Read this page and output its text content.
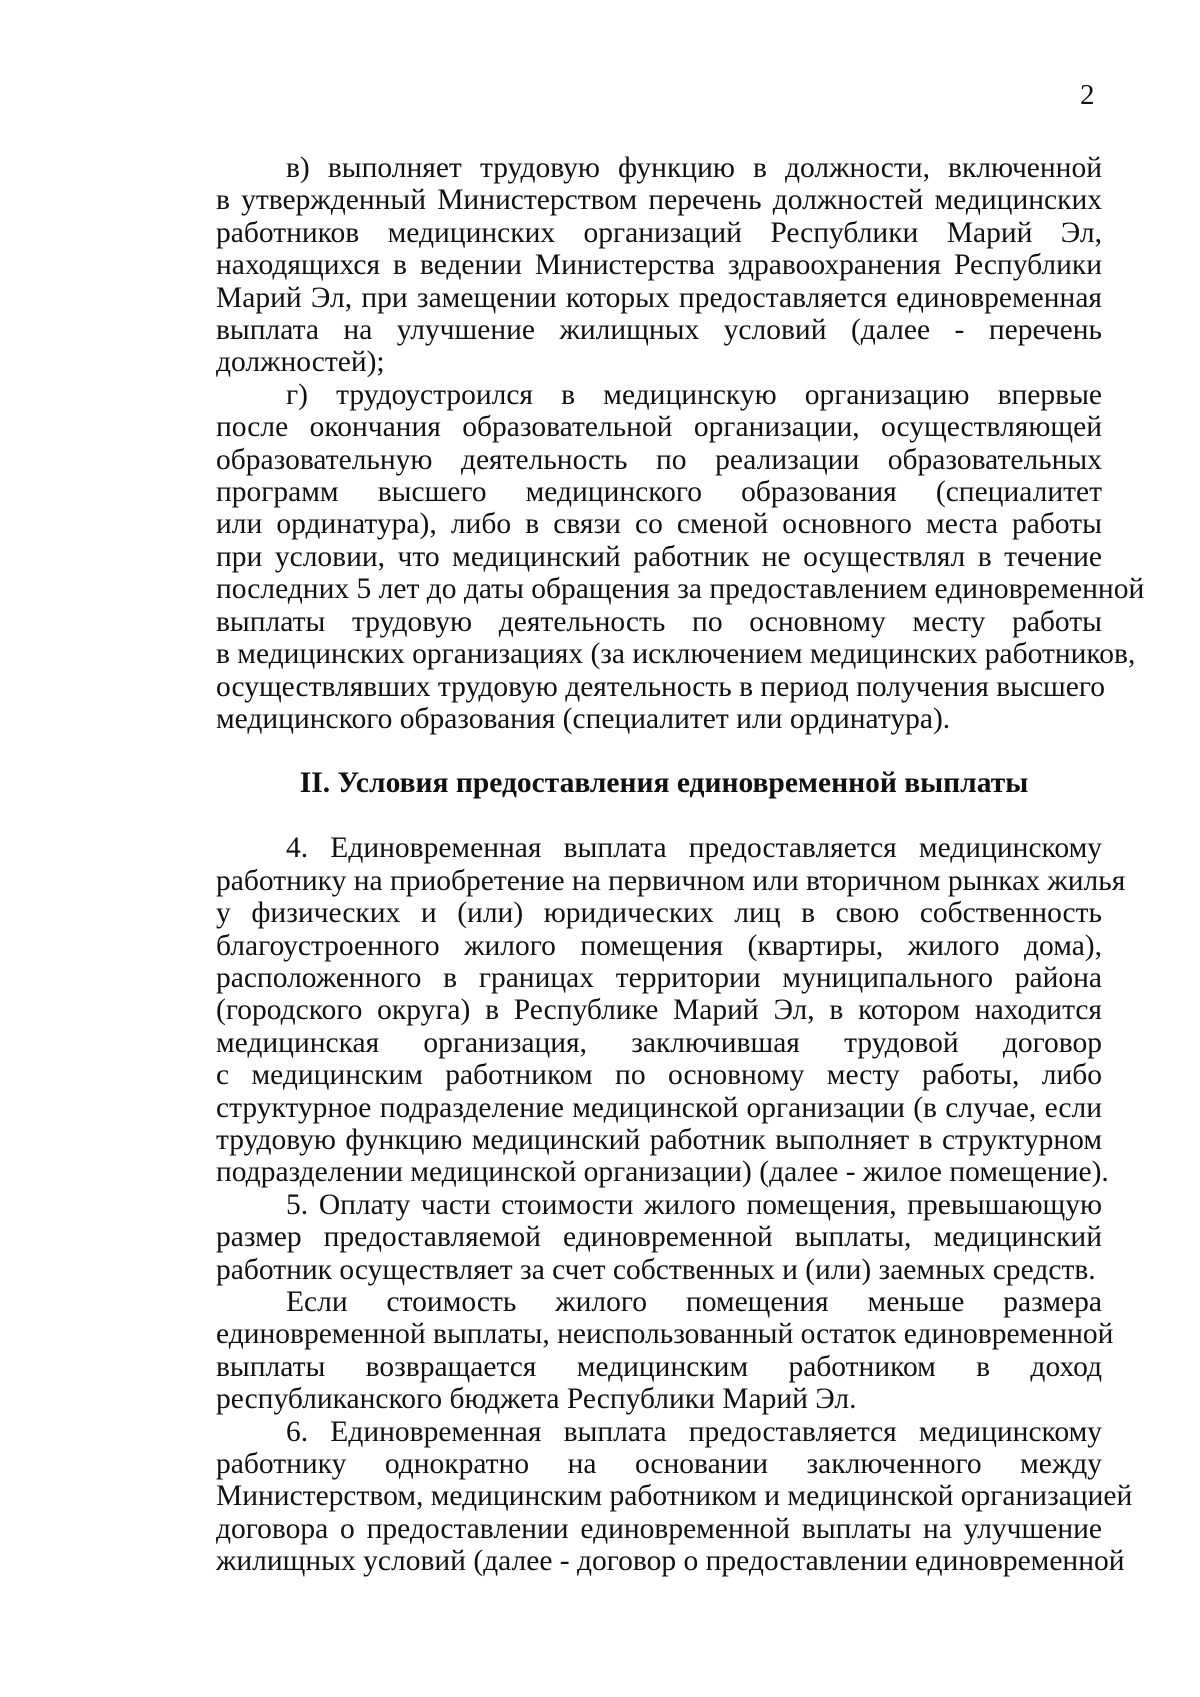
2
в) выполняет трудовую функцию в должности, включенной
в утвержденный Министерством перечень должностей медицинских
работников медицинских организаций Республики Марий Эл,
находящихся в ведении Министерства здравоохранения Республики
Марий Эл, при замещении которых предоставляется единовременная
выплата на улучшение жилищных условий (далее - перечень
должностей);
г) трудоустроился в медицинскую организацию впервые
после окончания образовательной организации, осуществляющей
образовательную деятельность по реализации образовательных
программ высшего медицинского образования (специалитет
или ординатура), либо в связи со сменой основного места работы
при условии, что медицинский работник не осуществлял в течение
последних 5 лет до даты обращения за предоставлением единовременной
выплаты трудовую деятельность по основному месту работы
в медицинских организациях (за исключением медицинских работников,
осуществлявших трудовую деятельность в период получения высшего
медицинского образования (специалитет или ординатура).
II. Условия предоставления единовременной выплаты
4. Единовременная выплата предоставляется медицинскому
работнику на приобретение на первичном или вторичном рынках жилья
у физических и (или) юридических лиц в свою собственность
благоустроенного жилого помещения (квартиры, жилого дома),
расположенного в границах территории муниципального района
(городского округа) в Республике Марий Эл, в котором находится
медицинская организация, заключившая трудовой договор
с медицинским работником по основному месту работы, либо
структурное подразделение медицинской организации (в случае, если
трудовую функцию медицинский работник выполняет в структурном
подразделении медицинской организации) (далее - жилое помещение).
5. Оплату части стоимости жилого помещения, превышающую
размер предоставляемой единовременной выплаты, медицинский
работник осуществляет за счет собственных и (или) заемных средств.
Если стоимость жилого помещения меньше размера
единовременной выплаты, неиспользованный остаток единовременной
выплаты возвращается медицинским работником в доход
республиканского бюджета Республики Марий Эл.
6. Единовременная выплата предоставляется медицинскому
работнику однократно на основании заключенного между
Министерством, медицинским работником и медицинской организацией
договора о предоставлении единовременной выплаты на улучшение
жилищных условий (далее - договор о предоставлении единовременной
